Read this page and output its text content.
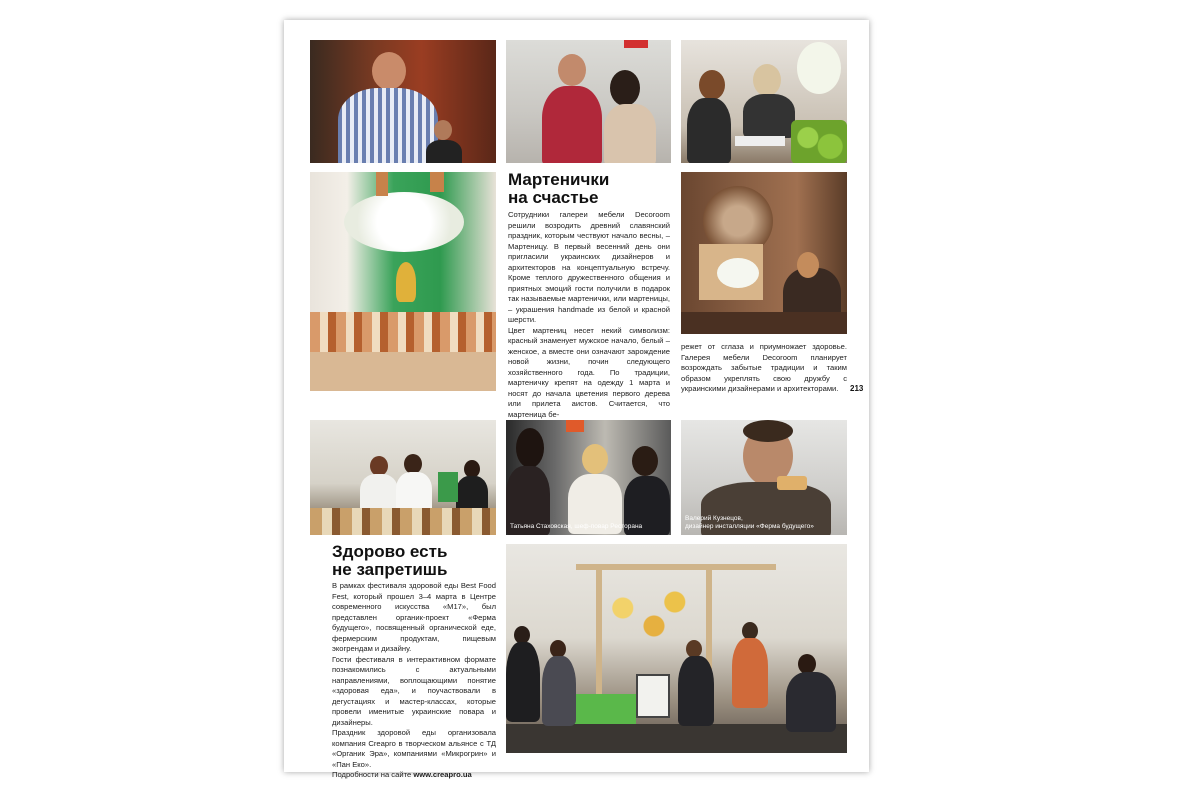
Мартенички
на счастье

Сотрудники галереи мебели Decoroom решили возродить древний славянский праздник, которым чествуют начало весны, – Мартеницу. В первый весенний день они пригласили украинских дизайнеров и архитекторов на концептуальную встречу. Кроме теплого дружественного общения и приятных эмоций гости получили в подарок так называемые мартенички, или мартеницы, – украшения handmade из белой и красной шерсти.

Цвет мартениц несет некий символизм: красный знаменует мужское начало, белый – женское, а вместе они означают зарождение новой жизни, почин следующего хозяйственного года. По традиции, мартеничку крепят на одежду 1 марта и носят до начала цветения первого дерева или прилета аистов. Считается, что мартеница бе-

режет от сглаза и приумножает здоровье. Галерея мебели Decoroom планирует возрождать забытые традиции и таким образом укреплять свою дружбу с украинскими дизайнерами и архитекторами.	213
Татьяна Стаховская, шеф-повар Ресторана
Валерий Кузнецов,
дизайнер инсталляции «Ферма будущего»
Здорово есть
не запретишь

В рамках фестиваля здоровой еды Best Food Fest, который прошел 3–4 марта в Центре современного искусства «М17», был представлен органик-проект «Ферма будущего», посвященный органической еде, фермерским продуктам, пищевым экогрендам и дизайну.

Гости фестиваля в интерактивном формате познакомились с актуальными направлениями, воплощающими понятие «здоровая еда», и поучаствовали в дегустациях и мастер-классах, которые провели именитые украинские повара и дизайнеры.

Праздник здоровой еды организовала компания Creapro в творческом альянсе с ТД «Органик Эра», компаниями «Микрогрин» и «Пан Еко».

Подробности на сайте www.creapro.ua
